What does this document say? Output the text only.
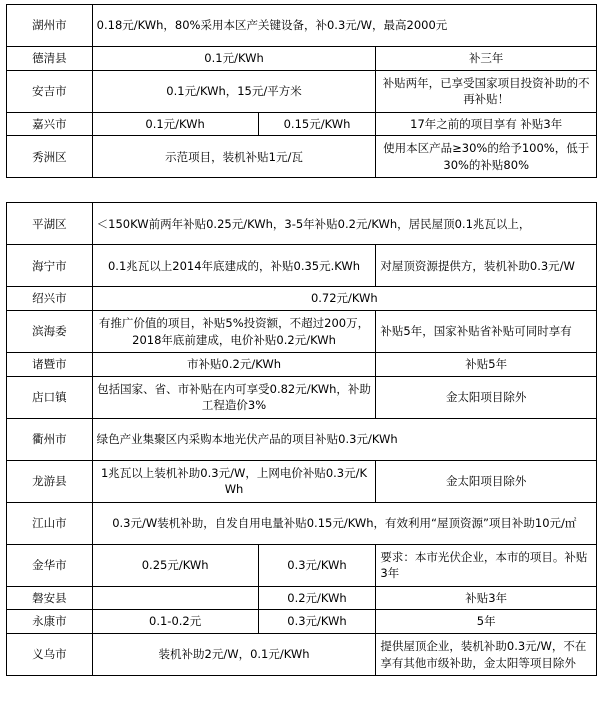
湖州市	0.18元/KWh，80%采用本区产关键设备，补0.3元/W，最高2000元		
德清县	0.1元/KWh		补三年
安吉市	0.1元/KWh，15元/平方米		补贴两年，已享受国家项目投资补助的不再补贴！
嘉兴市	0.1元/KWh	0.15元/KWh	17年之前的项目享有 补贴3年
秀洲区	示范项目，装机补贴1元/瓦		使用本区产品≥30%的给予100%，低于30%的补贴80%
平湖区	＜150KW前两年补贴0.25元/KWh，3-5年补贴0.2元/KWh，居民屋顶0.1兆瓦以上，		
海宁市	0.1兆瓦以上2014年底建成的，补贴0.35元.KWh		对屋顶资源提供方，装机补助0.3元/W
绍兴市	0.72元/KWh		
滨海委	有推广价值的项目，补贴5%投资额，不超过200万，2018年底前建成，电价补贴0.2元/KWh		补贴5年，国家补贴省补贴可同时享有
诸暨市	市补贴0.2元/KWh		补贴5年
店口镇	包括国家、省、市补贴在内可享受0.82元/KWh，补助工程造价3%		金太阳项目除外
衢州市	绿色产业集聚区内采购本地光伏产品的项目补贴0.3元/KWh		
龙游县	1兆瓦以上装机补助0.3元/W，上网电价补贴0.3元/KWh		金太阳项目除外
江山市	0.3元/W装机补助，自发自用电量补贴0.15元/KWh，有效利用“屋顶资源”项目补助10元/㎡		
金华市	0.25元/KWh	0.3元/KWh	要求：本市光伏企业，本市的项目。补贴3年
磐安县		0.2元/KWh	补贴3年
永康市	0.1-0.2元	0.3元/KWh	5年
义乌市	装机补助2元/W，0.1元/KWh		提供屋顶企业，装机补助0.3元/W，不在享有其他市级补助，金太阳等项目除外
